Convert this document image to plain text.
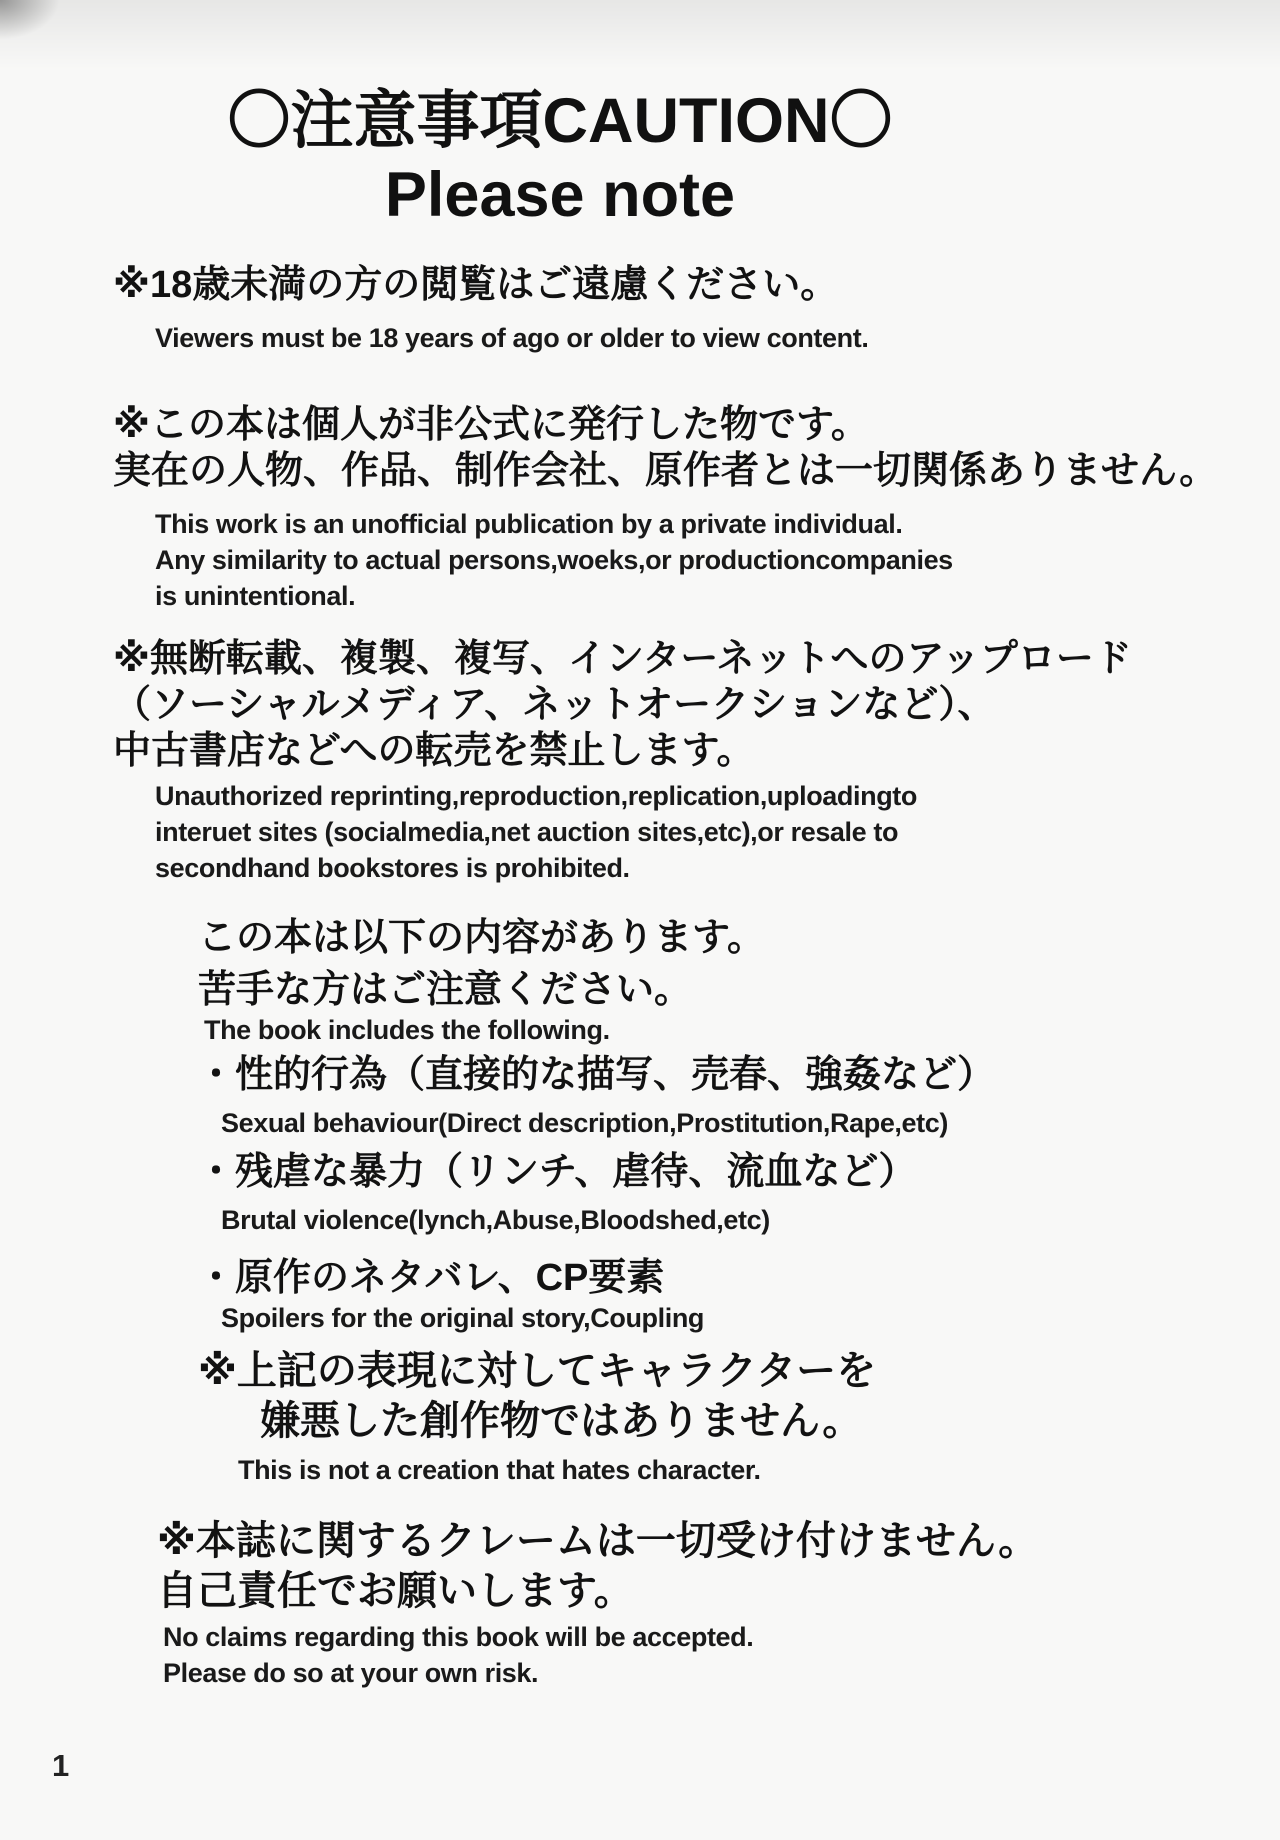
〇注意事項CAUTION〇
Please note
※18歳未満の方の閲覧はご遠慮ください。
Viewers must be 18 years of ago or older to view content.
※この本は個人が非公式に発行した物です。
実在の人物、作品、制作会社、原作者とは一切関係ありません。
This work is an unofficial publication by a private individual.
Any similarity to actual persons,woeks,or productioncompanies
is unintentional.
※無断転載、複製、複写、インターネットへのアップロード
（ソーシャルメディア、ネットオークションなど）、
中古書店などへの転売を禁止します。
Unauthorized reprinting,reproduction,replication,uploadingto
interuet sites (socialmedia,net auction sites,etc),or resale to
secondhand bookstores is prohibited.
この本は以下の内容があります。
苦手な方はご注意ください。
The book includes the following.
・性的行為（直接的な描写、売春、強姦など）
Sexual behaviour(Direct description,Prostitution,Rape,etc)
・残虐な暴力（リンチ、虐待、流血など）
Brutal violence(lynch,Abuse,Bloodshed,etc)
・原作のネタバレ、CP要素
Spoilers for the original story,Coupling
※上記の表現に対してキャラクターを
嫌悪した創作物ではありません。
This is not a creation that hates character.
※本誌に関するクレームは一切受け付けません。
自己責任でお願いします。
No claims regarding this book will be accepted.
Please do so at your own risk.
1
